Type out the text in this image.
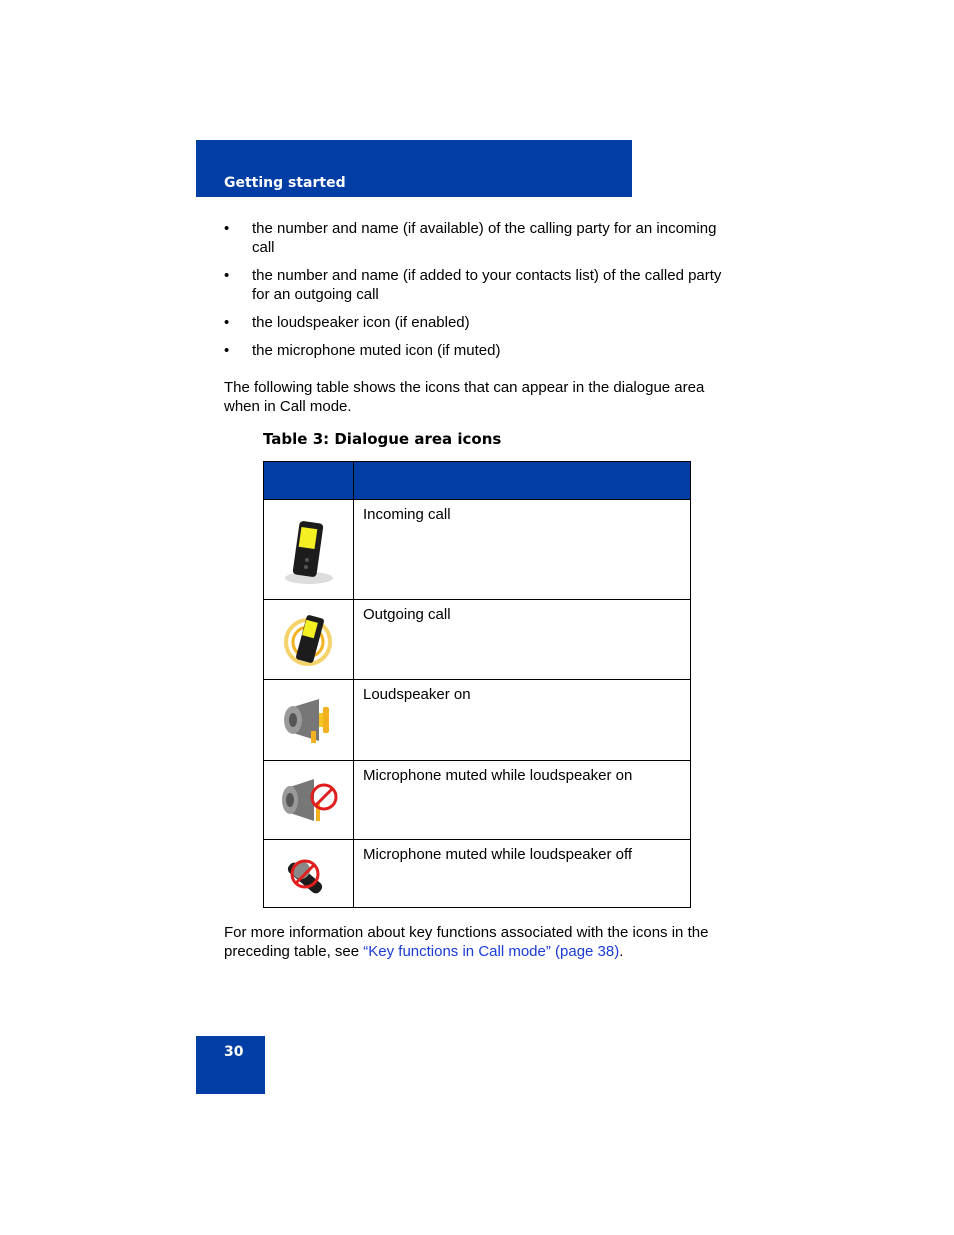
Getting started
• the number and name (if available) of the calling party for an incoming call
• the number and name (if added to your contacts list) of the called party for an outgoing call
• the loudspeaker icon (if enabled)
• the microphone muted icon (if muted)

The following table shows the icons that can appear in the dialogue area when in Call mode.

Table 3: Dialogue area icons

	Incoming call

	Outgoing call

	Loudspeaker on

	Microphone muted while loudspeaker on

	Microphone muted while loudspeaker off

For more information about key functions associated with the icons in the preceding table, see “Key functions in Call mode” (page 38).

30
